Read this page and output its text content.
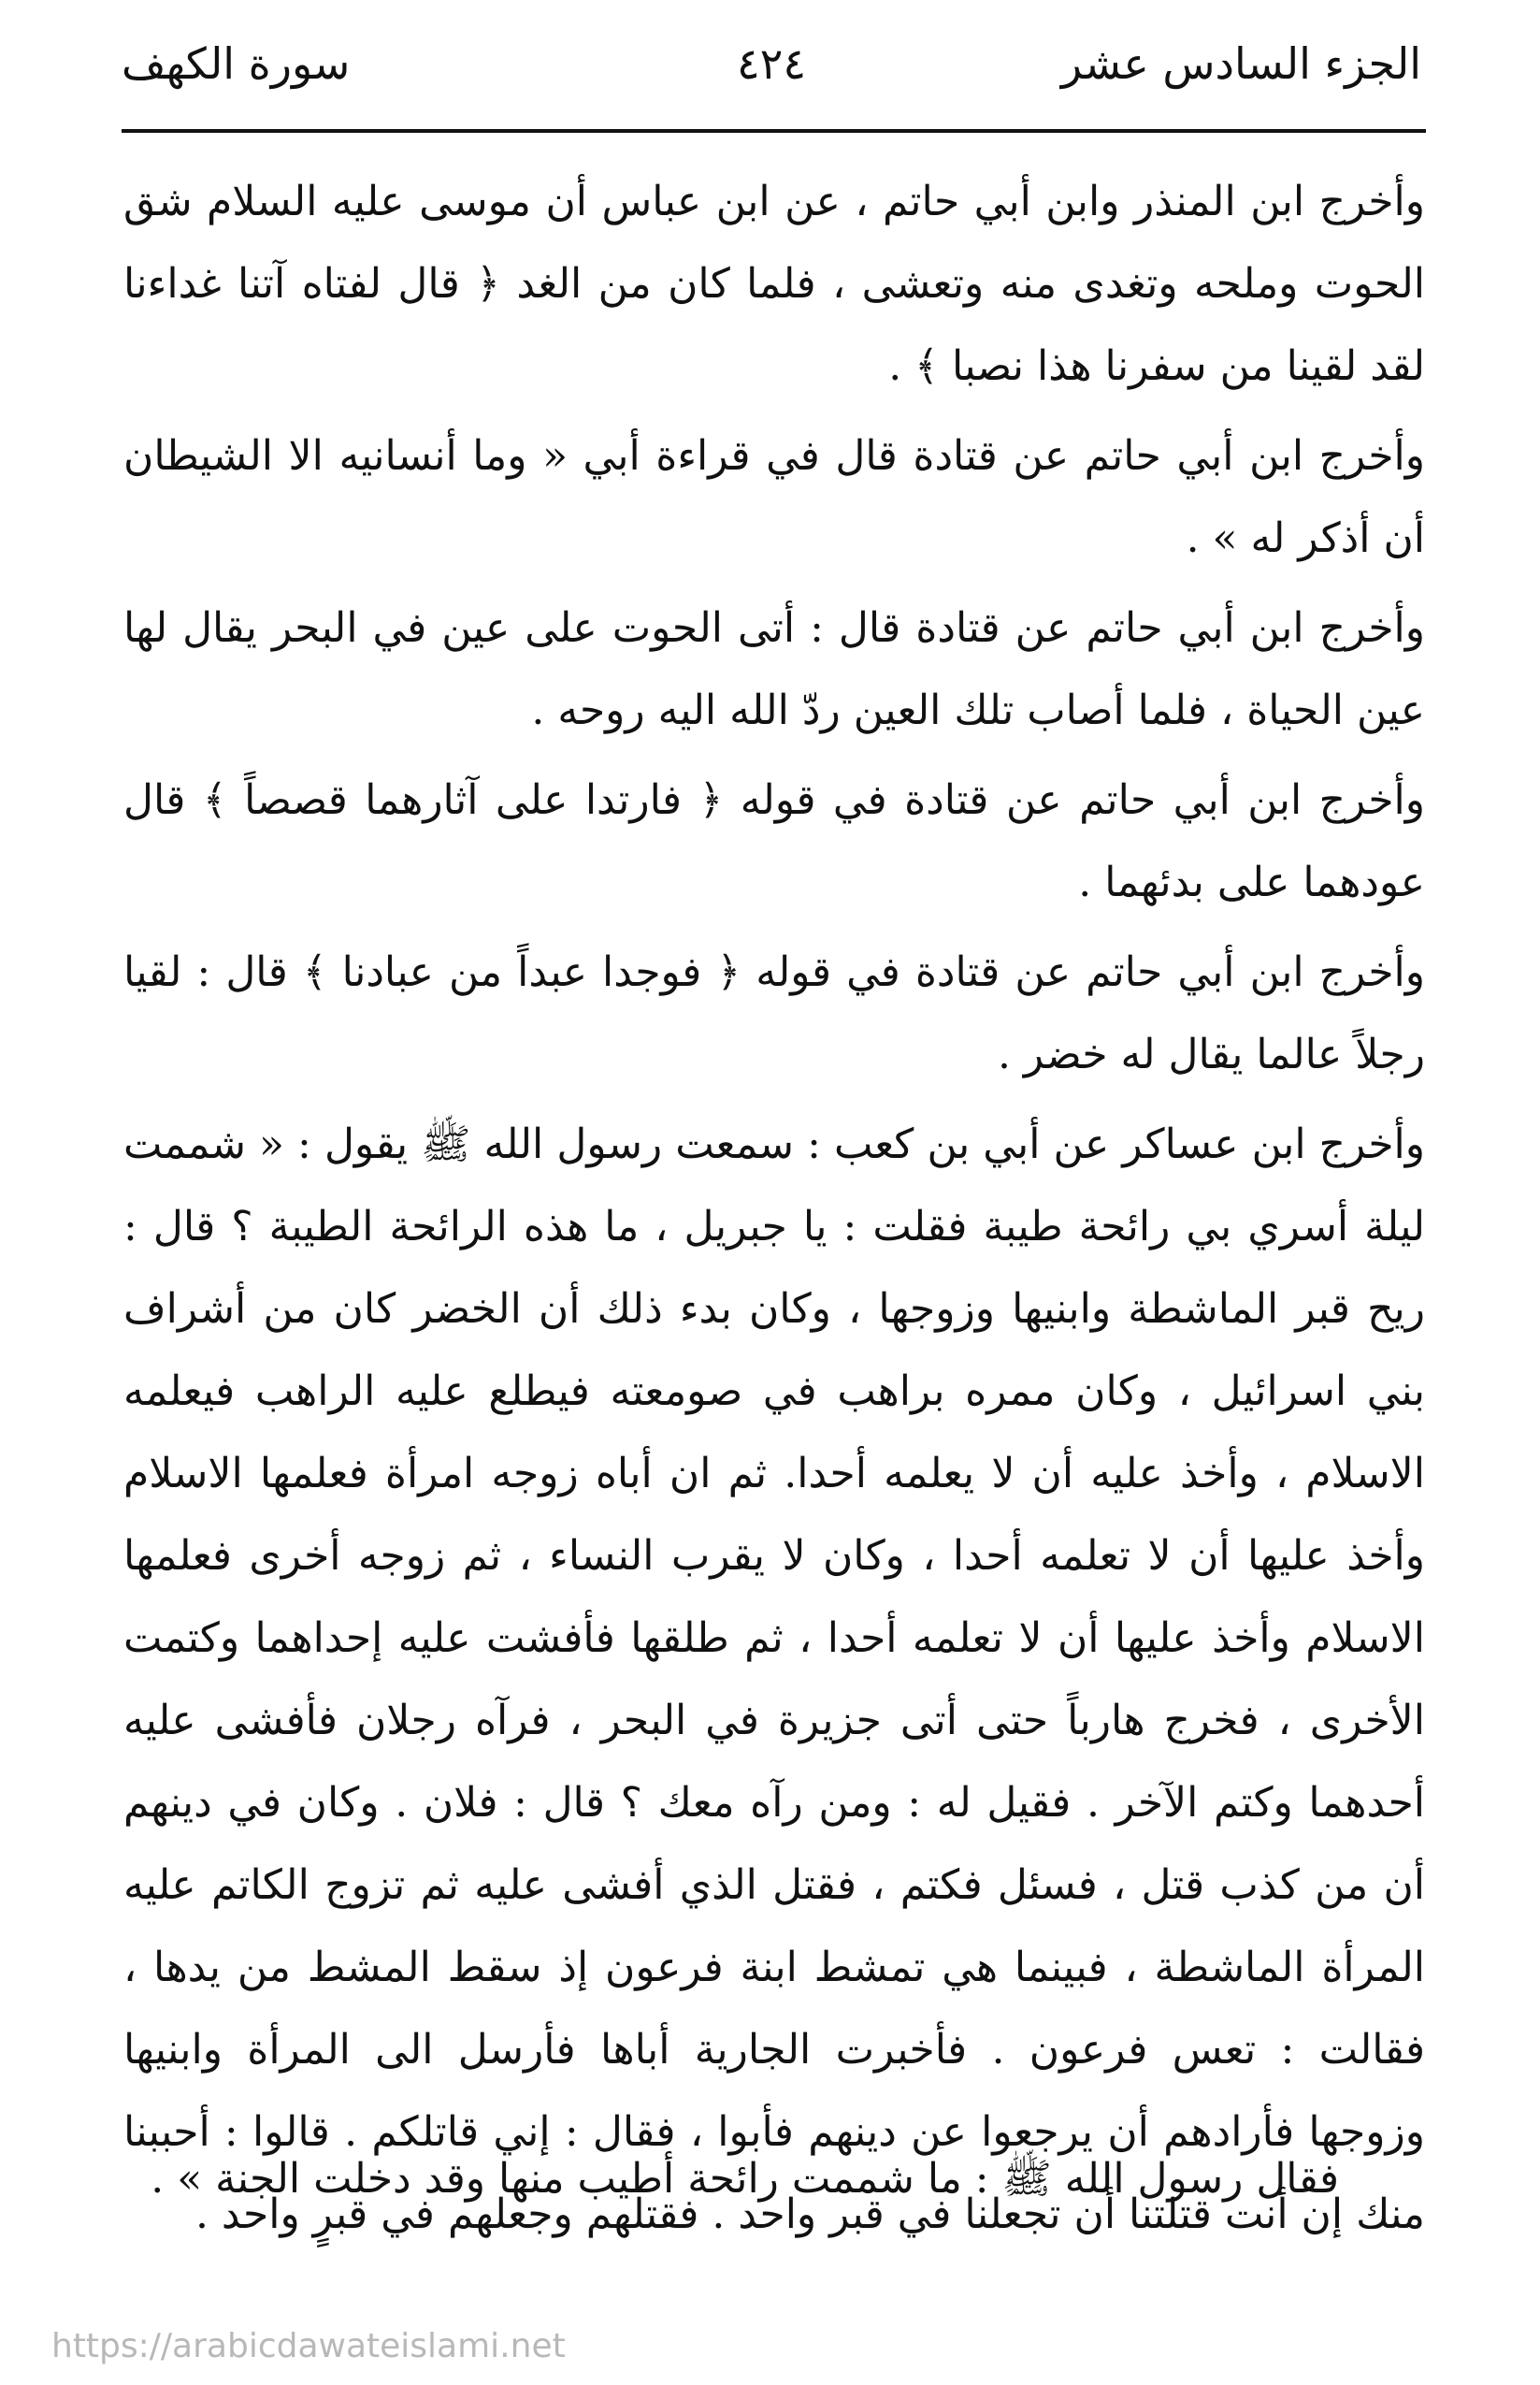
الجزء السادس عشر
٤٢٤
سورة الكهف

وأخرج ابن المنذر وابن أبي حاتم ، عن ابن عباس أن موسى عليه السلام شق الحوت وملحه وتغدى منه وتعشى ، فلما كان من الغد ﴿ قال لفتاه آتنا غداءنا لقد لقينا من سفرنا هذا نصبا ﴾ .

وأخرج ابن أبي حاتم عن قتادة قال في قراءة أبي « وما أنسانيه الا الشيطان أن أذكر له » .

وأخرج ابن أبي حاتم عن قتادة قال : أتى الحوت على عين في البحر يقال لها عين الحياة ، فلما أصاب تلك العين ردّ الله اليه روحه .

وأخرج ابن أبي حاتم عن قتادة في قوله ﴿ فارتدا على آثارهما قصصاً ﴾ قال عودهما على بدئهما .

وأخرج ابن أبي حاتم عن قتادة في قوله ﴿ فوجدا عبداً من عبادنا ﴾ قال : لقيا رجلاً عالما يقال له خضر .

وأخرج ابن عساكر عن أبي بن كعب : سمعت رسول الله ﷺ يقول : « شممت ليلة أسري بي رائحة طيبة فقلت : يا جبريل ، ما هذه الرائحة الطيبة ؟ قال : ريح قبر الماشطة وابنيها وزوجها ، وكان بدء ذلك أن الخضر كان من أشراف بني اسرائيل ، وكان ممره براهب في صومعته فيطلع عليه الراهب فيعلمه الاسلام ، وأخذ عليه أن لا يعلمه أحدا. ثم ان أباه زوجه امرأة فعلمها الاسلام وأخذ عليها أن لا تعلمه أحدا ، وكان لا يقرب النساء ، ثم زوجه أخرى فعلمها الاسلام وأخذ عليها أن لا تعلمه أحدا ، ثم طلقها فأفشت عليه إحداهما وكتمت الأخرى ، فخرج هارباً حتى أتى جزيرة في البحر ، فرآه رجلان فأفشى عليه أحدهما وكتم الآخر . فقيل له : ومن رآه معك ؟ قال : فلان . وكان في دينهم أن من كذب قتل ، فسئل فكتم ، فقتل الذي أفشى عليه ثم تزوج الكاتم عليه المرأة الماشطة ، فبينما هي تمشط ابنة فرعون إذ سقط المشط من يدها ، فقالت : تعس فرعون . فأخبرت الجارية أباها فأرسل الى المرأة وابنيها وزوجها فأرادهم أن يرجعوا عن دينهم فأبوا ، فقال : إني قاتلكم . قالوا : أحببنا منك إن أنت قتلتنا أن تجعلنا في قبر واحد . فقتلهم وجعلهم في قبرٍ واحد .

فقال رسول الله ﷺ : ما شممت رائحة أطيب منها وقد دخلت الجنة » .
https://arabicdawateislami.net
